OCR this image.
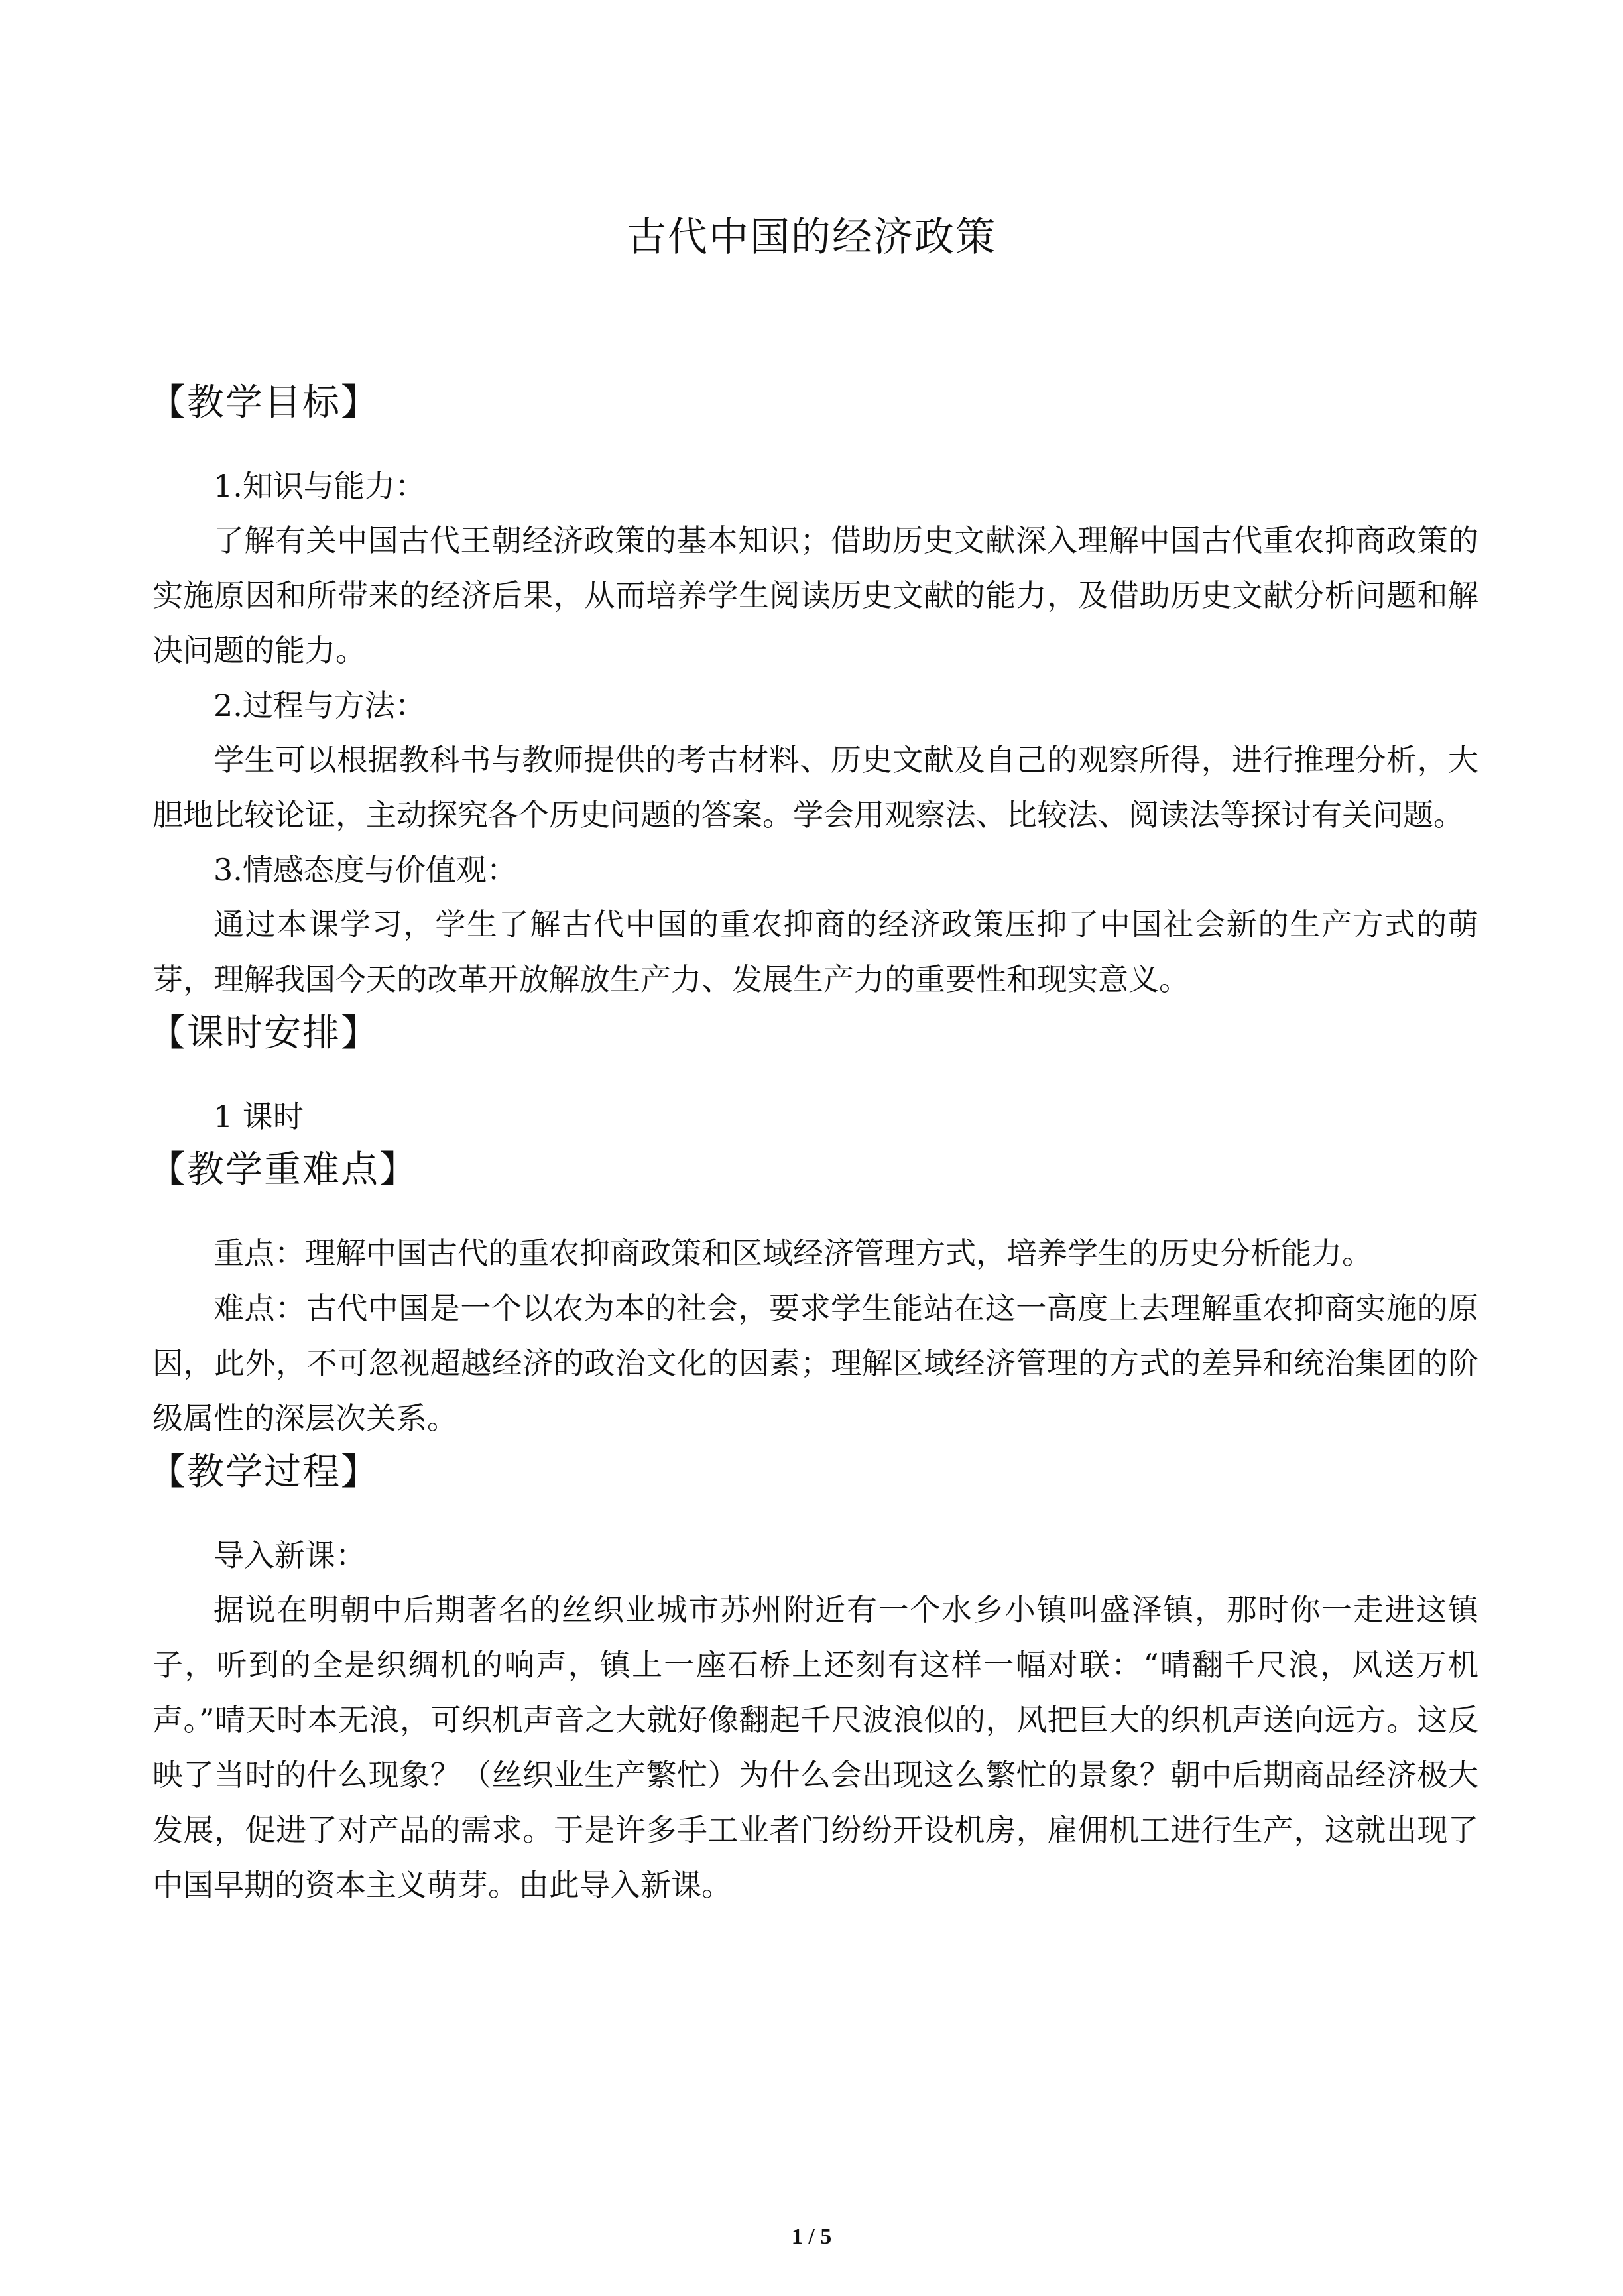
古代中国的经济政策
【教学目标】

1.知识与能力：

了解有关中国古代王朝经济政策的基本知识；借助历史文献深入理解中国古代重农抑商政策的实施原因和所带来的经济后果，从而培养学生阅读历史文献的能力，及借助历史文献分析问题和解决问题的能力。

2.过程与方法：

学生可以根据教科书与教师提供的考古材料、历史文献及自己的观察所得，进行推理分析，大胆地比较论证，主动探究各个历史问题的答案。学会用观察法、比较法、阅读法等探讨有关问题。

3.情感态度与价值观：

通过本课学习，学生了解古代中国的重农抑商的经济政策压抑了中国社会新的生产方式的萌芽，理解我国今天的改革开放解放生产力、发展生产力的重要性和现实意义。

【课时安排】

1 课时

【教学重难点】

重点：理解中国古代的重农抑商政策和区域经济管理方式，培养学生的历史分析能力。

难点：古代中国是一个以农为本的社会，要求学生能站在这一高度上去理解重农抑商实施的原因，此外，不可忽视超越经济的政治文化的因素；理解区域经济管理的方式的差异和统治集团的阶级属性的深层次关系。

【教学过程】

导入新课：

据说在明朝中后期著名的丝织业城市苏州附近有一个水乡小镇叫盛泽镇，那时你一走进这镇子，听到的全是织绸机的响声，镇上一座石桥上还刻有这样一幅对联：“晴翻千尺浪，风送万机声。”晴天时本无浪，可织机声音之大就好像翻起千尺波浪似的，风把巨大的织机声送向远方。这反映了当时的什么现象？（丝织业生产繁忙）为什么会出现这么繁忙的景象？朝中后期商品经济极大发展，促进了对产品的需求。于是许多手工业者门纷纷开设机房，雇佣机工进行生产，这就出现了中国早期的资本主义萌芽。由此导入新课。

1 / 5
